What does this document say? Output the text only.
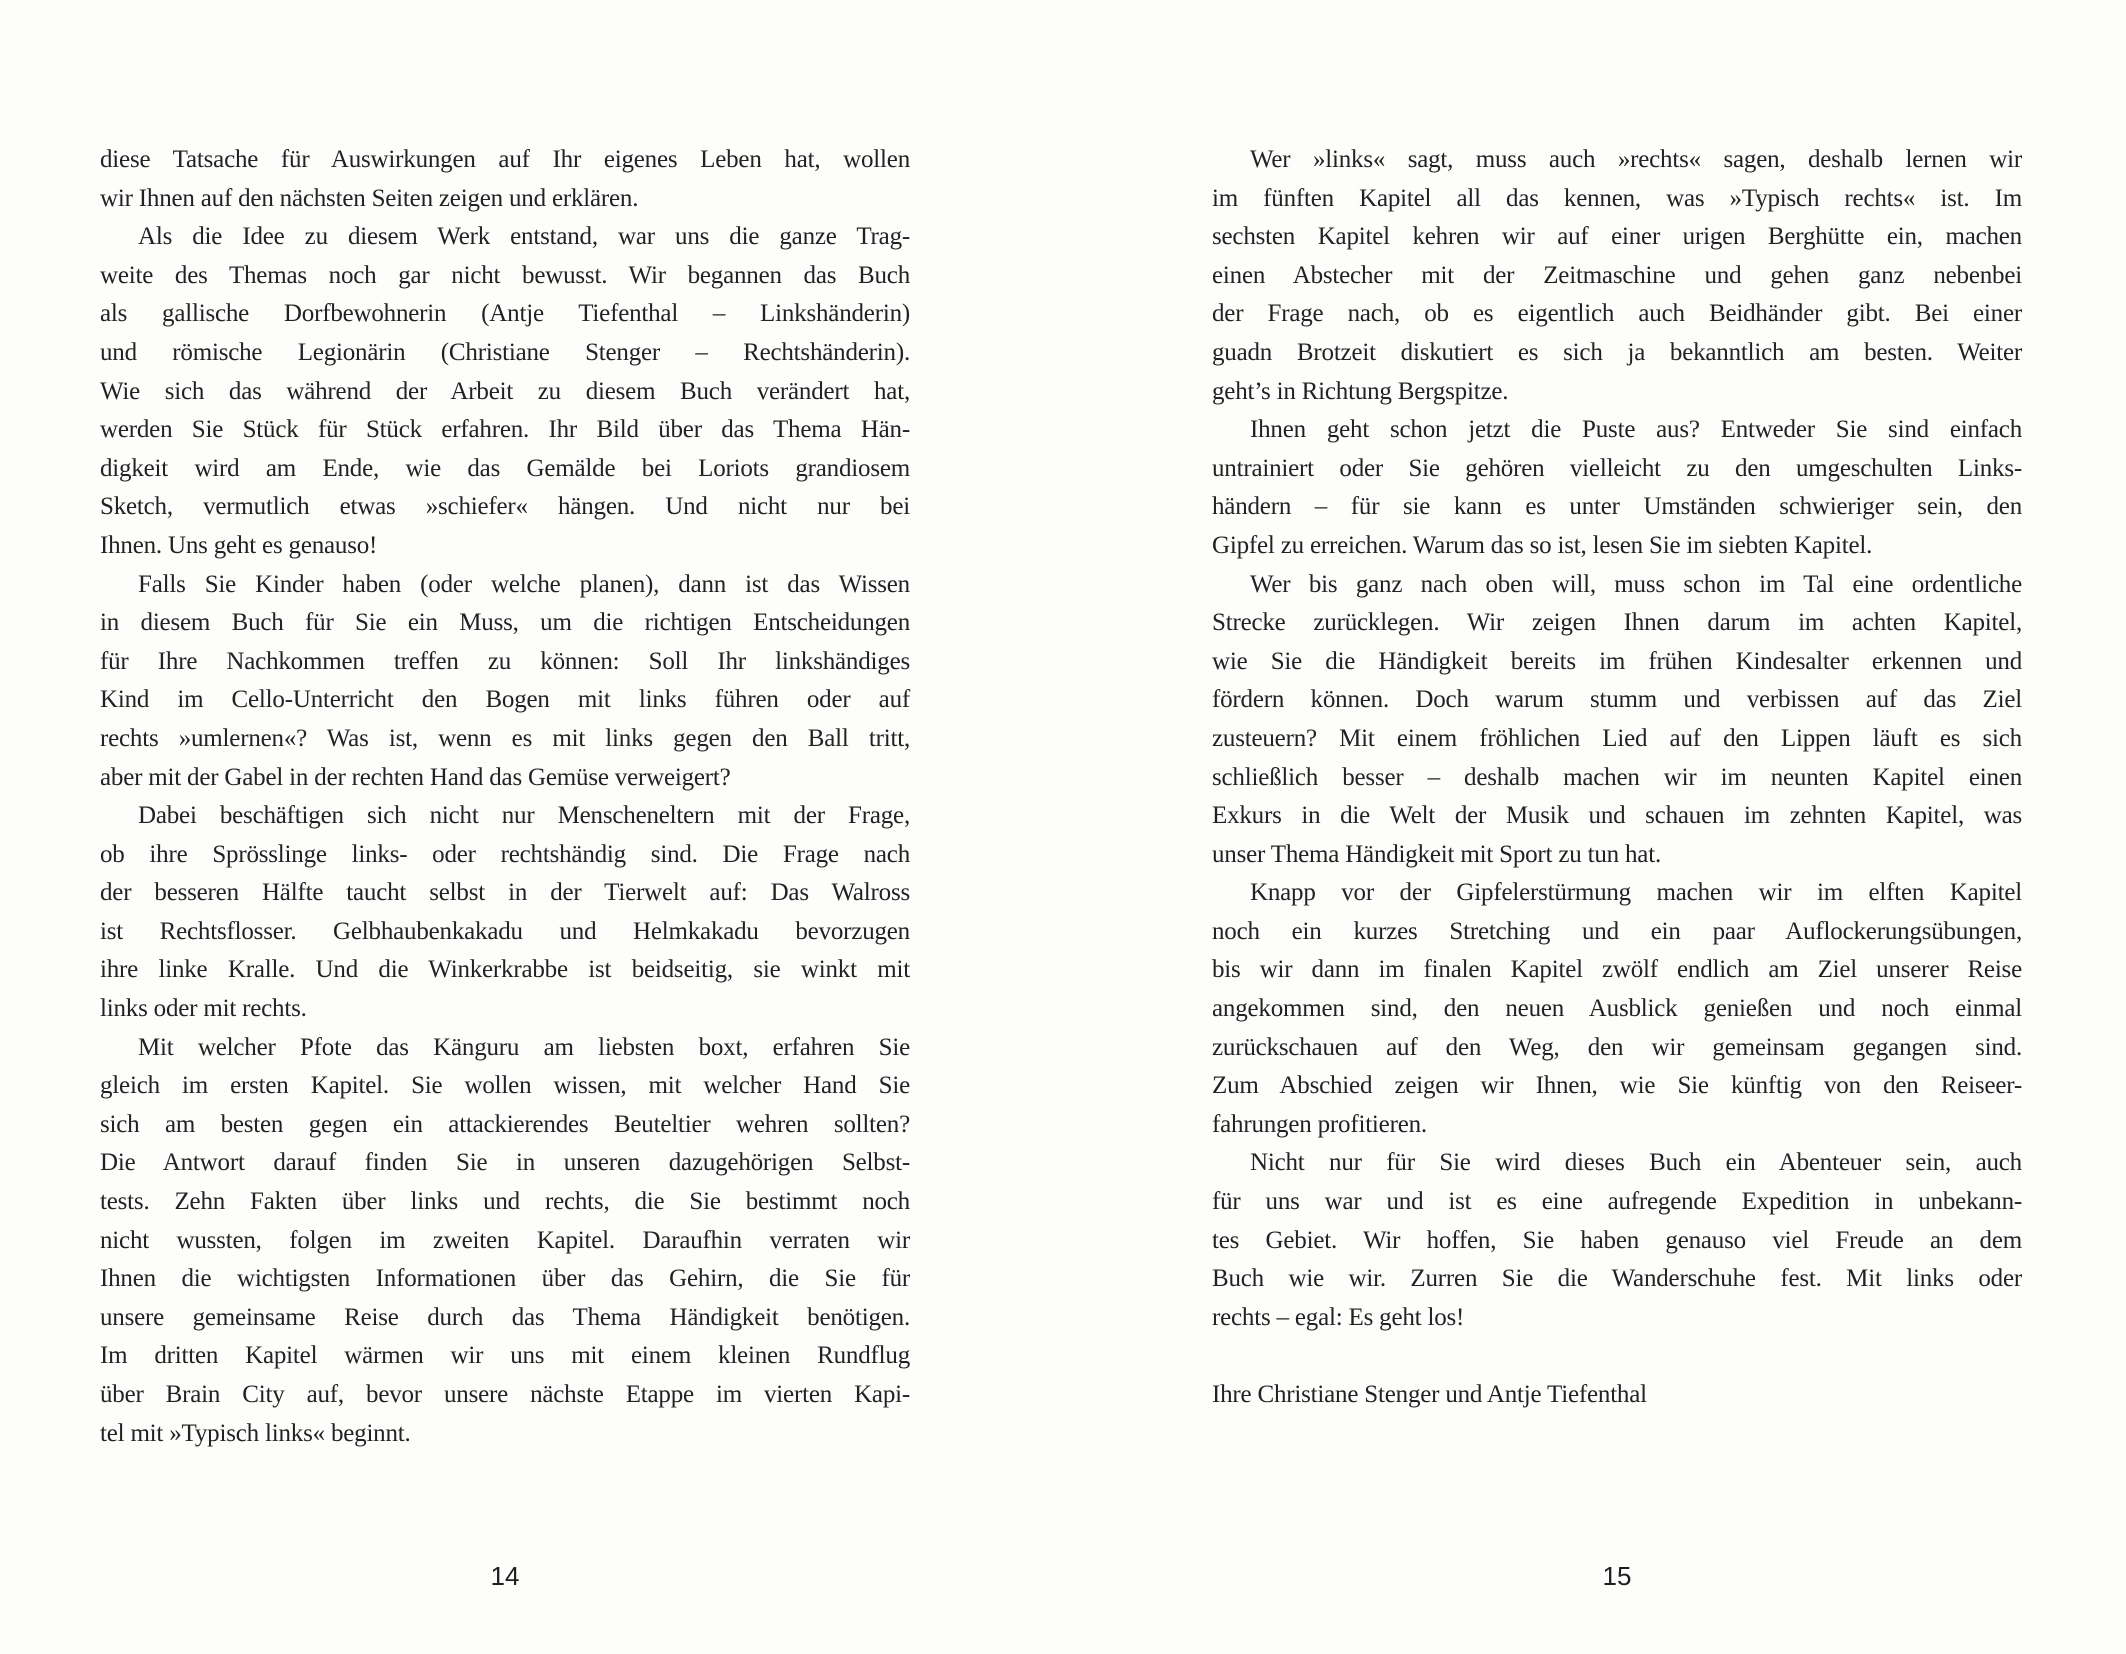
diese Tatsache für Auswirkungen auf Ihr eigenes Leben hat, wollen
wir Ihnen auf den nächsten Seiten zeigen und erklären.
Als die Idee zu diesem Werk entstand, war uns die ganze Trag-
weite des Themas noch gar nicht bewusst. Wir begannen das Buch
als gallische Dorfbewohnerin (Antje Tiefenthal – Linkshänderin)
und römische Legionärin (Christiane Stenger – Rechtshänderin).
Wie sich das während der Arbeit zu diesem Buch verändert hat,
werden Sie Stück für Stück erfahren. Ihr Bild über das Thema Hän-
digkeit wird am Ende, wie das Gemälde bei Loriots grandiosem
Sketch, vermutlich etwas »schiefer« hängen. Und nicht nur bei
Ihnen. Uns geht es genauso!
Falls Sie Kinder haben (oder welche planen), dann ist das Wissen
in diesem Buch für Sie ein Muss, um die richtigen Entscheidungen
für Ihre Nachkommen treffen zu können: Soll Ihr linkshändiges
Kind im Cello-Unterricht den Bogen mit links führen oder auf
rechts »umlernen«? Was ist, wenn es mit links gegen den Ball tritt,
aber mit der Gabel in der rechten Hand das Gemüse verweigert?
Dabei beschäftigen sich nicht nur Menscheneltern mit der Frage,
ob ihre Sprösslinge links- oder rechtshändig sind. Die Frage nach
der besseren Hälfte taucht selbst in der Tierwelt auf: Das Walross
ist Rechtsflosser. Gelbhaubenkakadu und Helmkakadu bevorzugen
ihre linke Kralle. Und die Winkerkrabbe ist beidseitig, sie winkt mit
links oder mit rechts.
Mit welcher Pfote das Känguru am liebsten boxt, erfahren Sie
gleich im ersten Kapitel. Sie wollen wissen, mit welcher Hand Sie
sich am besten gegen ein attackierendes Beuteltier wehren sollten?
Die Antwort darauf finden Sie in unseren dazugehörigen Selbst-
tests. Zehn Fakten über links und rechts, die Sie bestimmt noch
nicht wussten, folgen im zweiten Kapitel. Daraufhin verraten wir
Ihnen die wichtigsten Informationen über das Gehirn, die Sie für
unsere gemeinsame Reise durch das Thema Händigkeit benötigen.
Im dritten Kapitel wärmen wir uns mit einem kleinen Rundflug
über Brain City auf, bevor unsere nächste Etappe im vierten Kapi-
tel mit »Typisch links« beginnt.
Wer »links« sagt, muss auch »rechts« sagen, deshalb lernen wir
im fünften Kapitel all das kennen, was »Typisch rechts« ist. Im
sechsten Kapitel kehren wir auf einer urigen Berghütte ein, machen
einen Abstecher mit der Zeitmaschine und gehen ganz nebenbei
der Frage nach, ob es eigentlich auch Beidhänder gibt. Bei einer
guadn Brotzeit diskutiert es sich ja bekanntlich am besten. Weiter
geht’s in Richtung Bergspitze.
Ihnen geht schon jetzt die Puste aus? Entweder Sie sind einfach
untrainiert oder Sie gehören vielleicht zu den umgeschulten Links-
händern – für sie kann es unter Umständen schwieriger sein, den
Gipfel zu erreichen. Warum das so ist, lesen Sie im siebten Kapitel.
Wer bis ganz nach oben will, muss schon im Tal eine ordentliche
Strecke zurücklegen. Wir zeigen Ihnen darum im achten Kapitel,
wie Sie die Händigkeit bereits im frühen Kindesalter erkennen und
fördern können. Doch warum stumm und verbissen auf das Ziel
zusteuern? Mit einem fröhlichen Lied auf den Lippen läuft es sich
schließlich besser – deshalb machen wir im neunten Kapitel einen
Exkurs in die Welt der Musik und schauen im zehnten Kapitel, was
unser Thema Händigkeit mit Sport zu tun hat.
Knapp vor der Gipfelerstürmung machen wir im elften Kapitel
noch ein kurzes Stretching und ein paar Auflockerungsübungen,
bis wir dann im finalen Kapitel zwölf endlich am Ziel unserer Reise
angekommen sind, den neuen Ausblick genießen und noch einmal
zurückschauen auf den Weg, den wir gemeinsam gegangen sind.
Zum Abschied zeigen wir Ihnen, wie Sie künftig von den Reiseer-
fahrungen profitieren.
Nicht nur für Sie wird dieses Buch ein Abenteuer sein, auch
für uns war und ist es eine aufregende Expedition in unbekann-
tes Gebiet. Wir hoffen, Sie haben genauso viel Freude an dem
Buch wie wir. Zurren Sie die Wanderschuhe fest. Mit links oder
rechts – egal: Es geht los!
Ihre Christiane Stenger und Antje Tiefenthal
14	15
